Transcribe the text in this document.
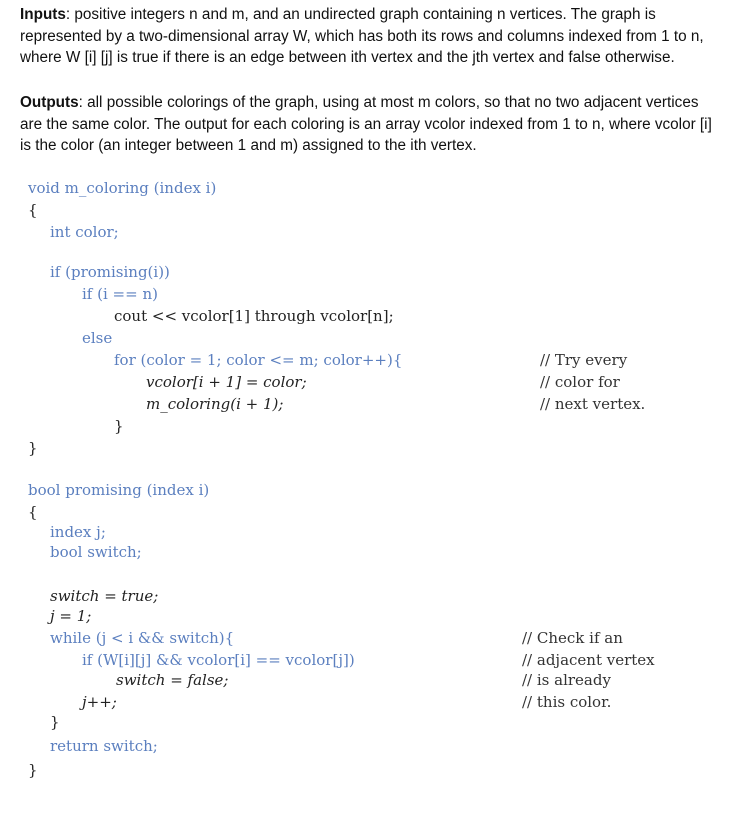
Inputs: positive integers n and m, and an undirected graph containing n vertices. The graph is represented by a two-dimensional array W, which has both its rows and columns indexed from 1 to n, where W [i] [j] is true if there is an edge between ith vertex and the jth vertex and false otherwise.
Outputs: all possible colorings of the graph, using at most m colors, so that no two adjacent vertices are the same color. The output for each coloring is an array vcolor indexed from 1 to n, where vcolor [i] is the color (an integer between 1 and m) assigned to the ith vertex.
void m_coloring (index i)
{
int color;
if (promising(i))
if (i == n)
cout << vcolor[1] through vcolor[n];
else
for (color = 1; color <= m; color++){
vcolor[i + 1] = color;
m_coloring(i + 1);
}
}
// Try every
// color for
// next vertex.
bool promising (index i)
{
index j;
bool switch;
switch = true;
j = 1;
while (j < i && switch){
if (W[i][j] && vcolor[i] == vcolor[j])
switch = false;
j++;
}
return switch;
}
// Check if an
// adjacent vertex
// is already
// this color.
